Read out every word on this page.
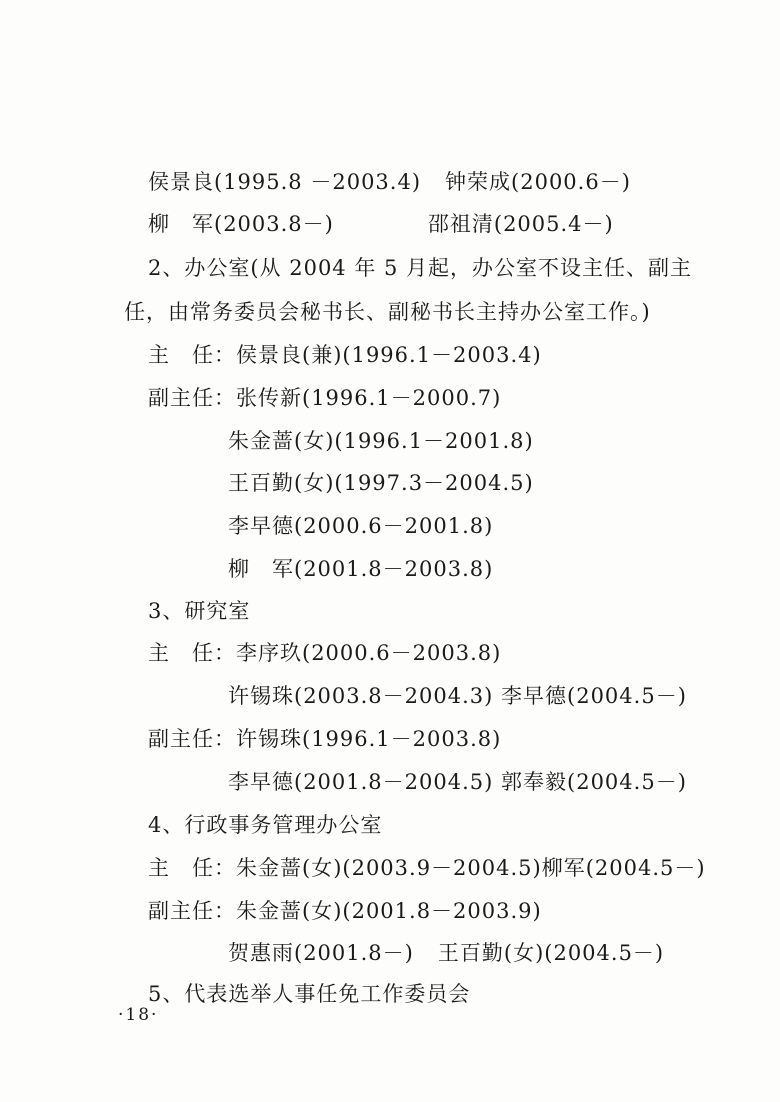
侯景良(1995.8 －2003.4) 钟荣成(2000.6－)
柳　军(2003.8－)	邵祖清(2005.4－)
2、办公室(从 2004 年 5 月起，办公室不设主任、副主
任，由常务委员会秘书长、副秘书长主持办公室工作。)
主　任：侯景良(兼)(1996.1－2003.4)
副主任：张传新(1996.1－2000.7)
朱金蔷(女)(1996.1－2001.8)
王百勤(女)(1997.3－2004.5)
李早德(2000.6－2001.8)
柳　军(2001.8－2003.8)
3、研究室
主　任：李序玖(2000.6－2003.8)
许锡珠(2003.8－2004.3) 李早德(2004.5－)
副主任：许锡珠(1996.1－2003.8)
李早德(2001.8－2004.5) 郭奉毅(2004.5－)
4、行政事务管理办公室
主　任：朱金蔷(女)(2003.9－2004.5)柳军(2004.5－)
副主任：朱金蔷(女)(2001.8－2003.9)
贺惠雨(2001.8－) 王百勤(女)(2004.5－)
5、代表选举人事任免工作委员会
·18·
